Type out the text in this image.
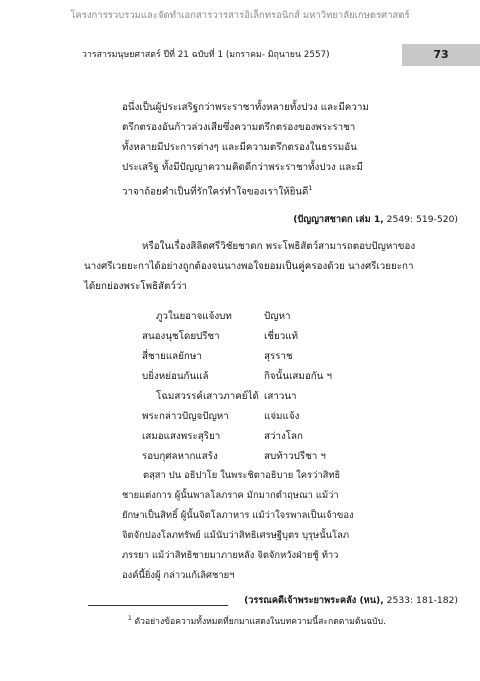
โครงการรวบรวมและจัดทำเอกสารวารสารอิเล็กทรอนิกส์ มหาวิทยาลัยเกษตรศาสตร์
วารสารมนุษยศาสตร์ ปีที่ 21 ฉบับที่ 1 (มกราคม- มิถุนายน 2557)	73
อนึ่งเป็นผู้ประเสริฐกว่าพระราชาทั้งหลายทั้งปวง และมีความ
ตรึกตรองอันก้าวล่วงเสียซึ่งความตรึกตรองของพระราชา
ทั้งหลายมีประการต่างๆ และมีความตรึกตรองในธรรมอัน
ประเสริฐ ทั้งมีปัญญาความคิดดีกว่าพระราชาทั้งปวง และมี
วาจาถ้อยคำเป็นที่รักใคร่ทำใจของเราให้ยินดี$^1$
(ปัญญาสชาดก เล่ม 1, 2549: 519-520)
หรือในเรื่องสิลิตศรีวิชัยชาดก พระโพธิสัตว์สามารถตอบปัญหาของ
นางศรีเวยยะกาได้อย่างถูกต้องจนนางพอใจยอมเป็นคู่ครองด้วย นางศรีเวยยะกา
ได้ยกย่องพระโพธิสัตว์ว่า
ภูวในยอาจแจ้งบท	ปัญหา
สนองนุชโดยปรีชา	เชี่ยวแท้
สี่ชายแลยักษา	สุรราช
บยิ่งหย่อนกันแล้	กิจนั้นเสมอกัน ฯ
โฉมสวรรค์เสาวภาคย์ได้ เสาวนา
พระกล่าวปัญจปัญหา	แจ่มแจ้ง
เสมอแสงพระสุริยา	สว่างโลก
รอบกุศลหากแสร้ง	สบท้าวปรีชา ฯ
ตสฺสา ปน อธิปาโย ในพระชิตาอธิบาย ใครว่าสิทธิ
ชายแต่งการ ผู้นั้นพาลโลภราค มักมากตำฤษณา แม้ว่า
ยักษาเป็นสิทธิ์ ผู้นั้นจิตโลภาหาร แม้ว่าใจรพาลเป็นเจ้าของ
จิตจักปองโลภทรัพย์ แม้นับว่าสิทธิเศรษฐีบุตร บุรุษนั้นโลภ
ภรรยา แม้ว่าสิทธิชายมาภายหลัง จิตจักหวังฝ่ายชู้ ท้าว
องค์นี้ยิ่งผู้ กล่าวแก้เลิศชายฯ
(วรรณคดีเจ้าพระยาพระคลัง (หน), 2533: 181-182)
$^1$ ตัวอย่างข้อความทั้งหมดที่ยกมาแสดงในบทความนี้สะกดตามต้นฉบับ.
